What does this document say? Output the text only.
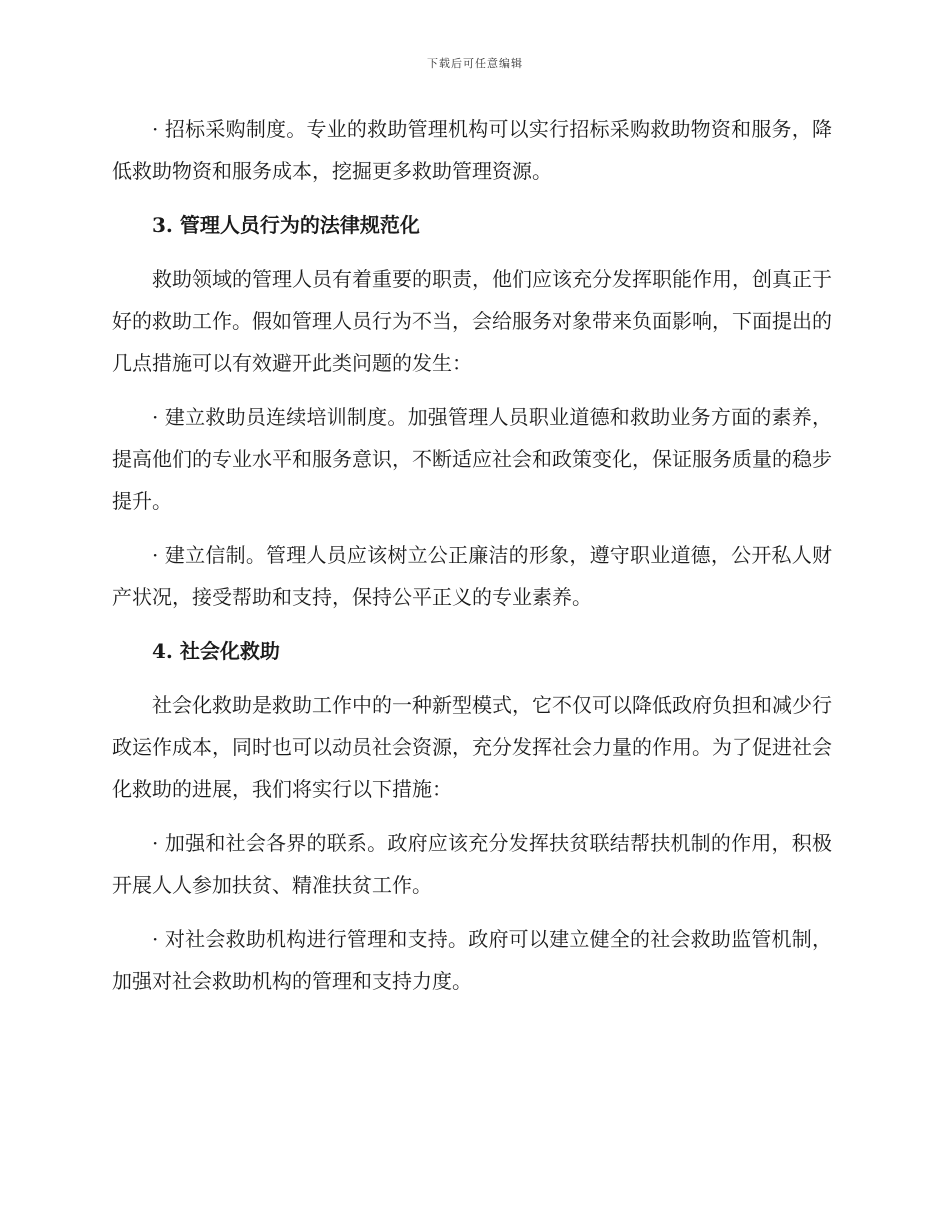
下载后可任意编辑

· 招标采购制度。专业的救助管理机构可以实行招标采购救助物资和服务，降低救助物资和服务成本，挖掘更多救助管理资源。

3. 管理人员行为的法律规范化

救助领域的管理人员有着重要的职责，他们应该充分发挥职能作用，创真正于好的救助工作。假如管理人员行为不当，会给服务对象带来负面影响，下面提出的几点措施可以有效避开此类问题的发生：

· 建立救助员连续培训制度。加强管理人员职业道德和救助业务方面的素养，提高他们的专业水平和服务意识，不断适应社会和政策变化，保证服务质量的稳步提升。

· 建立信制。管理人员应该树立公正廉洁的形象，遵守职业道德，公开私人财产状况，接受帮助和支持，保持公平正义的专业素养。

4. 社会化救助

社会化救助是救助工作中的一种新型模式，它不仅可以降低政府负担和减少行政运作成本，同时也可以动员社会资源，充分发挥社会力量的作用。为了促进社会化救助的进展，我们将实行以下措施：

· 加强和社会各界的联系。政府应该充分发挥扶贫联结帮扶机制的作用，积极开展人人参加扶贫、精准扶贫工作。

· 对社会救助机构进行管理和支持。政府可以建立健全的社会救助监管机制，加强对社会救助机构的管理和支持力度。
